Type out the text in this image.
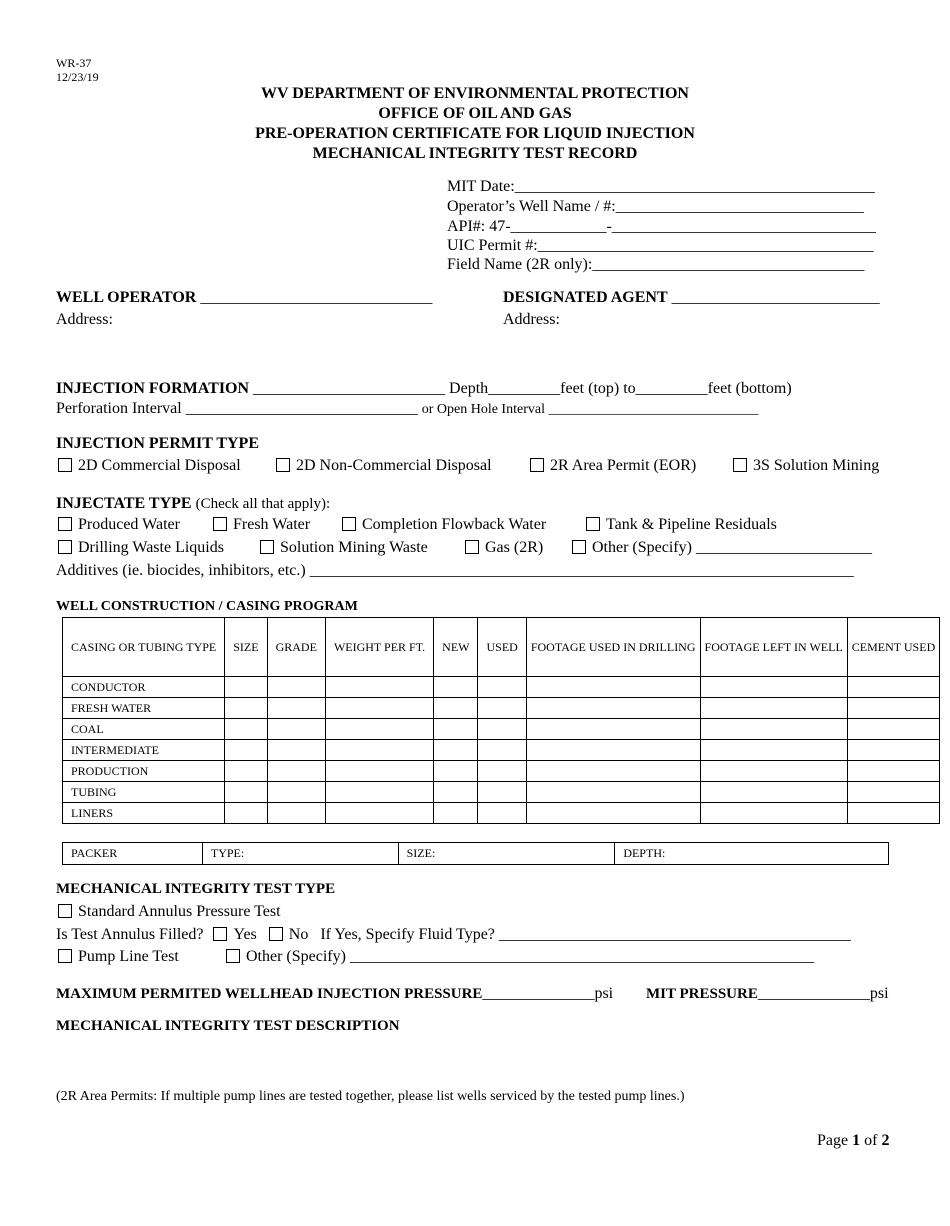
WR-37
12/23/19
WV DEPARTMENT OF ENVIRONMENTAL PROTECTION
OFFICE OF OIL AND GAS
PRE-OPERATION CERTIFICATE FOR LIQUID INJECTION
MECHANICAL INTEGRITY TEST RECORD
MIT Date:_____________________________________________
Operator’s Well Name / #:_______________________________
API#: 47-____________-_________________________________
UIC Permit #:__________________________________________
Field Name (2R only):__________________________________
WELL OPERATOR _____________________________
Address:
DESIGNATED AGENT __________________________
Address:
INJECTION FORMATION ________________________ Depth_________feet (top) to_________feet (bottom)
Perforation Interval _____________________________ or Open Hole Interval ______________________________
INJECTION PERMIT TYPE
2D Commercial Disposal	2D Non-Commercial Disposal	2R Area Permit (EOR)	3S Solution Mining
INJECTATE TYPE (Check all that apply):
Produced Water	Fresh Water	Completion Flowback Water	Tank & Pipeline Residuals
Drilling Waste Liquids	Solution Mining Waste	Gas (2R)	Other (Specify) ______________________
Additives (ie. biocides, inhibitors, etc.) ____________________________________________________________________
WELL CONSTRUCTION / CASING PROGRAM
CASING OR TUBING TYPE	SIZE	GRADE	WEIGHT PER FT.	NEW	USED	FOOTAGE USED IN DRILLING	FOOTAGE LEFT IN WELL	CEMENT USED
CONDUCTOR								
FRESH WATER								
COAL								
INTERMEDIATE								
PRODUCTION								
TUBING								
LINERS								
PACKER	TYPE:	SIZE:	DEPTH:
MECHANICAL INTEGRITY TEST TYPE
Standard Annulus Pressure Test
Is Test Annulus Filled? Yes No If Yes, Specify Fluid Type? ____________________________________________
Pump Line Test	Other (Specify) __________________________________________________________
MAXIMUM PERMITED WELLHEAD INJECTION PRESSURE______________psi MIT PRESSURE______________psi
MECHANICAL INTEGRITY TEST DESCRIPTION
(2R Area Permits: If multiple pump lines are tested together, please list wells serviced by the tested pump lines.)
Page 1 of 2
